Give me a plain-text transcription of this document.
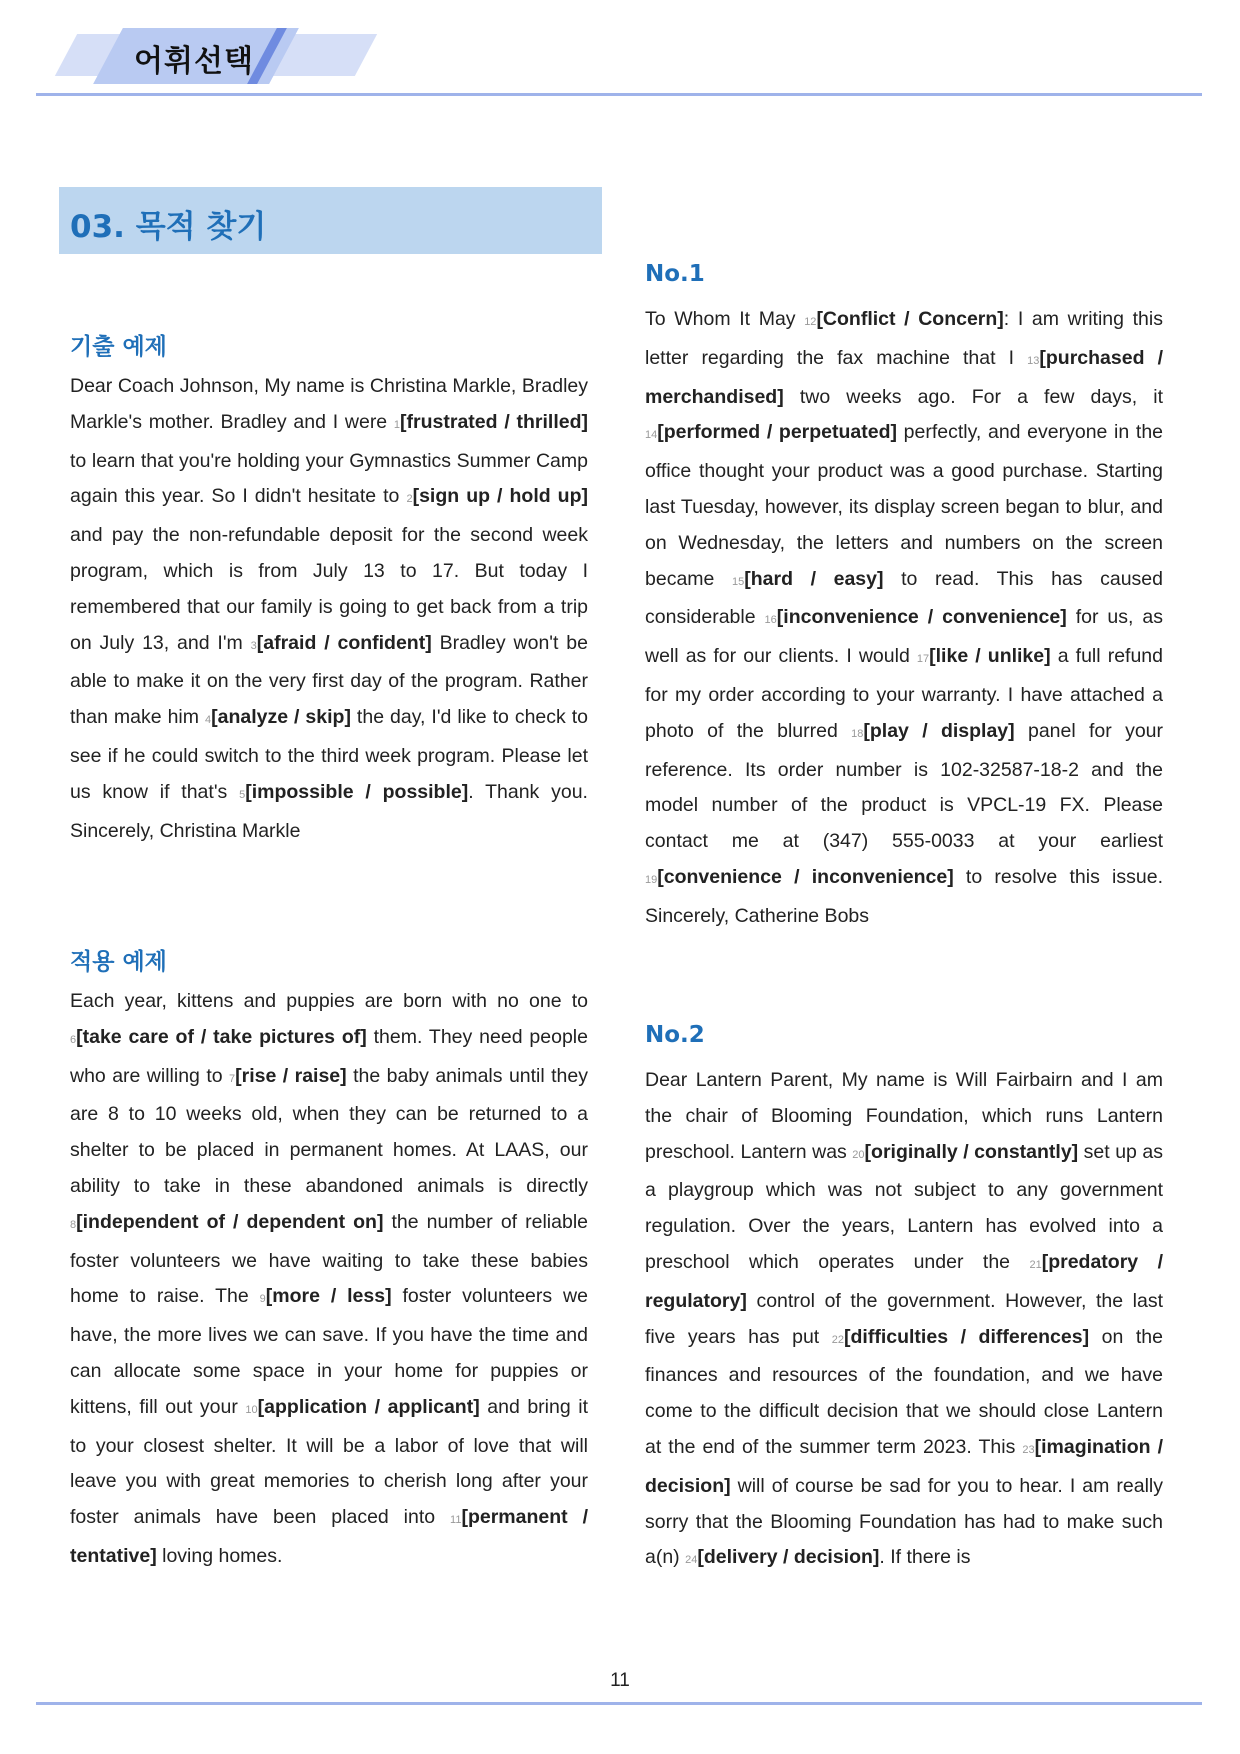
어휘선택
03. 목적 찾기
기출 예제

Dear Coach Johnson, My name is Christina Markle, Bradley Markle's mother. Bradley and I were 1[frustrated / thrilled] to learn that you're holding your Gymnastics Summer Camp again this year. So I didn't hesitate to 2[sign up / hold up] and pay the non-refundable deposit for the second week program, which is from July 13 to 17. But today I remembered that our family is going to get back from a trip on July 13, and I'm 3[afraid / confident] Bradley won't be able to make it on the very first day of the program. Rather than make him 4[analyze / skip] the day, I'd like to check to see if he could switch to the third week program. Please let us know if that's 5[impossible / possible]. Thank you. Sincerely, Christina Markle

적용 예제

Each year, kittens and puppies are born with no one to 6[take care of / take pictures of] them. They need people who are willing to 7[rise / raise] the baby animals until they are 8 to 10 weeks old, when they can be returned to a shelter to be placed in permanent homes. At LAAS, our ability to take in these abandoned animals is directly 8[independent of / dependent on] the number of reliable foster volunteers we have waiting to take these babies home to raise. The 9[more / less] foster volunteers we have, the more lives we can save. If you have the time and can allocate some space in your home for puppies or kittens, fill out your 10[application / applicant] and bring it to your closest shelter. It will be a labor of love that will leave you with great memories to cherish long after your foster animals have been placed into 11[permanent / tentative] loving homes.

No.1

To Whom It May 12[Conflict / Concern]: I am writing this letter regarding the fax machine that I 13[purchased / merchandised] two weeks ago. For a few days, it 14[performed / perpetuated] perfectly, and everyone in the office thought your product was a good purchase. Starting last Tuesday, however, its display screen began to blur, and on Wednesday, the letters and numbers on the screen became 15[hard / easy] to read. This has caused considerable 16[inconvenience / convenience] for us, as well as for our clients. I would 17[like / unlike] a full refund for my order according to your warranty. I have attached a photo of the blurred 18[play / display] panel for your reference. Its order number is 102-32587-18-2 and the model number of the product is VPCL-19 FX. Please contact me at (347) 555-0033 at your earliest 19[convenience / inconvenience] to resolve this issue. Sincerely, Catherine Bobs

No.2

Dear Lantern Parent, My name is Will Fairbairn and I am the chair of Blooming Foundation, which runs Lantern preschool. Lantern was 20[originally / constantly] set up as a playgroup which was not subject to any government regulation. Over the years, Lantern has evolved into a preschool which operates under the 21[predatory / regulatory] control of the government. However, the last five years has put 22[difficulties / differences] on the finances and resources of the foundation, and we have come to the difficult decision that we should close Lantern at the end of the summer term 2023. This 23[imagination / decision] will of course be sad for you to hear. I am really sorry that the Blooming Foundation has had to make such a(n) 24[delivery / decision]. If there is

11
